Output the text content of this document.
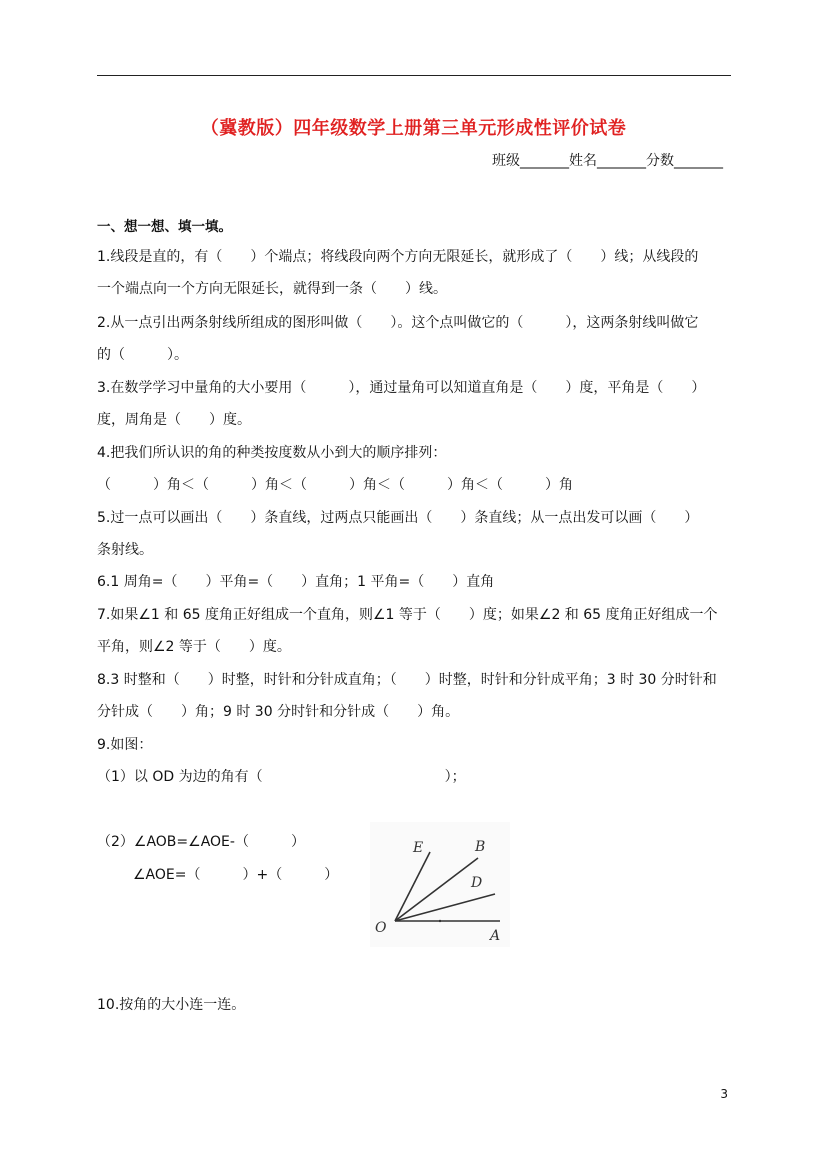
（冀教版）四年级数学上册第三单元形成性评价试卷
班级_______姓名_______分数_______
一、想一想、填一填。
1.线段是直的，有（　　）个端点；将线段向两个方向无限延长，就形成了（　　）线；从线段的
一个端点向一个方向无限延长，就得到一条（　　）线。
2.从一点引出两条射线所组成的图形叫做（　　）。这个点叫做它的（　　　），这两条射线叫做它
的（　　　）。
3.在数学学习中量角的大小要用（　　　），通过量角可以知道直角是（　　）度，平角是（　　）
度，周角是（　　）度。
4.把我们所认识的角的种类按度数从小到大的顺序排列：
（　　　）角＜（　　　）角＜（　　　）角＜（　　　）角＜（　　　）角
5.过一点可以画出（　　）条直线，过两点只能画出（　　）条直线；从一点出发可以画（　　）
条射线。
6.1 周角=（　　）平角=（　　）直角；1 平角=（　　）直角
7.如果∠1 和 65 度角正好组成一个直角，则∠1 等于（　　）度；如果∠2 和 65 度角正好组成一个
平角，则∠2 等于（　　）度。
8.3 时整和（　　）时整，时针和分针成直角；（　　）时整，时针和分针成平角；3 时 30 分时针和
分针成（　　）角；9 时 30 分时针和分针成（　　）角。
9.如图：
（1）以 OD 为边的角有（　　　　　　　　　　　　　）；
（2）∠AOB=∠AOE-（　　　）
∠AOE=（　　　）+（　　　）
E	B
D
O	A
10.按角的大小连一连。
3
